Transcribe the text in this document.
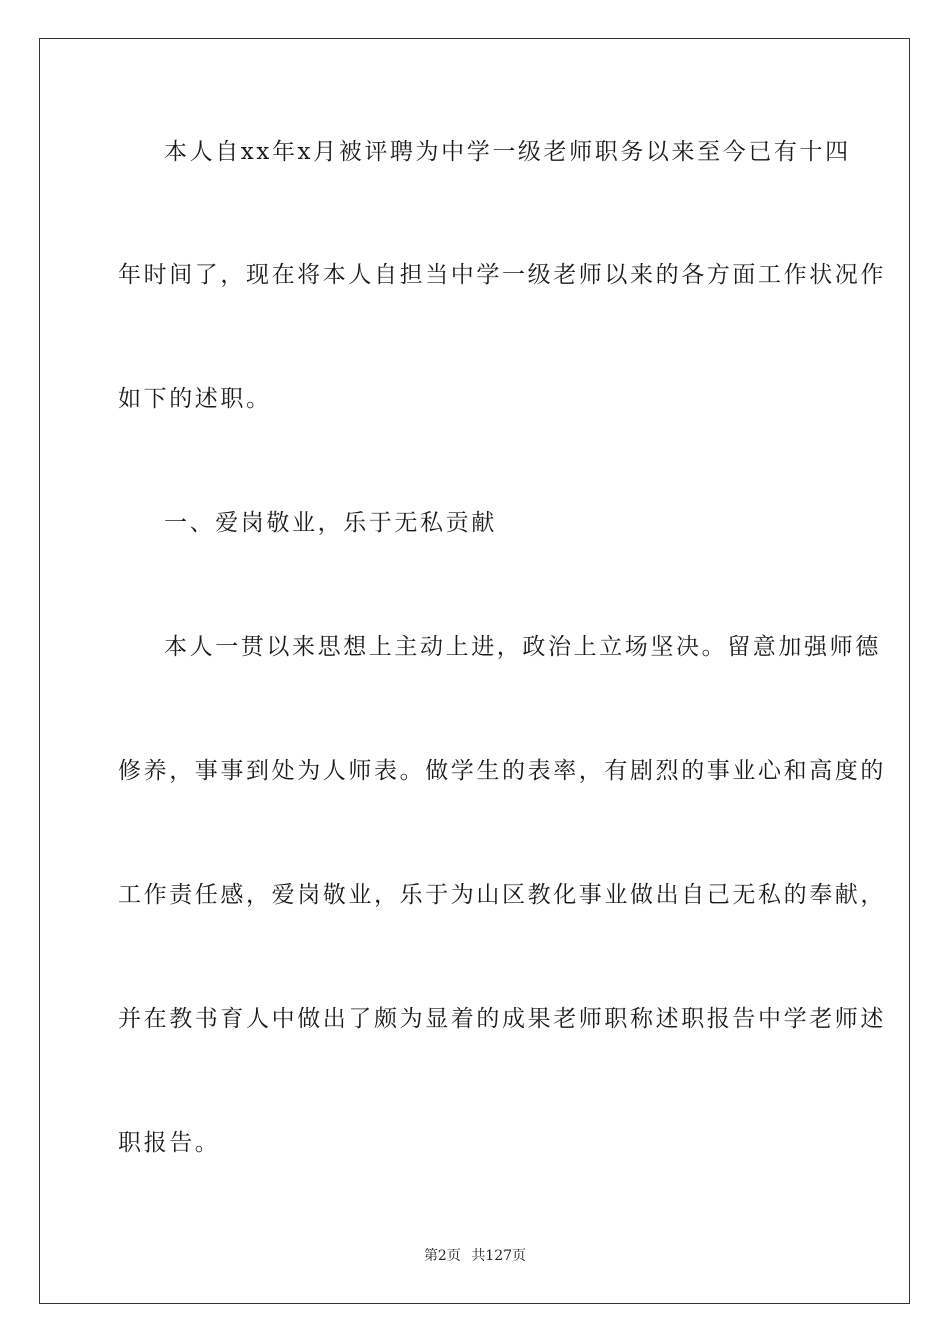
本人自xx年x月被评聘为中学一级老师职务以来至今已有十四
年时间了，现在将本人自担当中学一级老师以来的各方面工作状况作
如下的述职。
一、爱岗敬业，乐于无私贡献
本人一贯以来思想上主动上进，政治上立场坚决。留意加强师德
修养，事事到处为人师表。做学生的表率，有剧烈的事业心和高度的
工作责任感，爱岗敬业，乐于为山区教化事业做出自己无私的奉献，
并在教书育人中做出了颇为显着的成果老师职称述职报告中学老师述
职报告。
第2页 共127页
